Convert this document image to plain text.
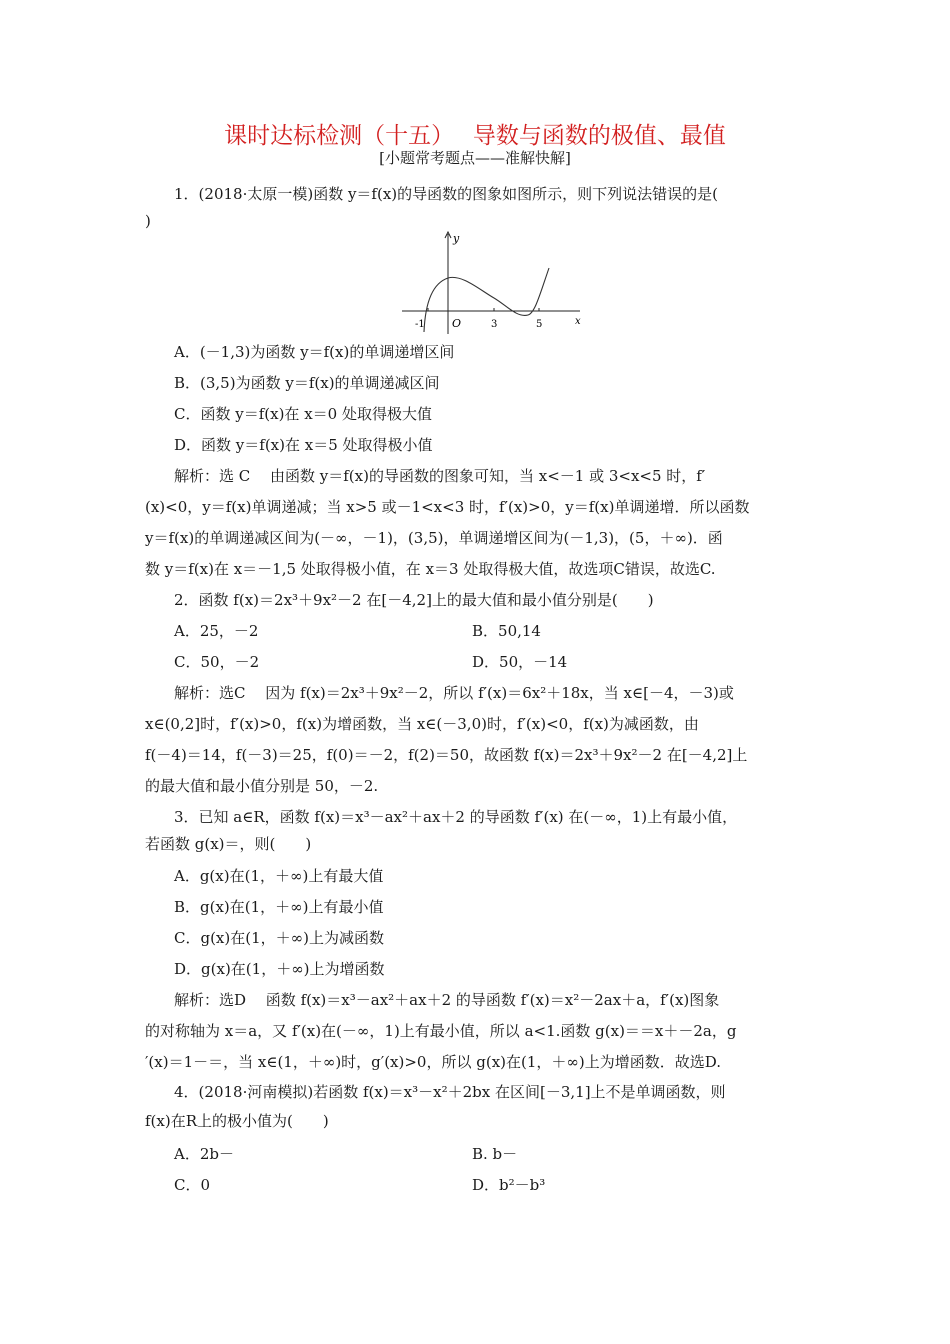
课时达标检测（十五）　 导数与函数的极值、最值
[小题常考题点——准解快解]
1．(2018·太原一模)函数 y＝f(x)的导函数的图象如图所示，则下列说法错误的是(
)
y
x
O
-1	3	5
A．(－1,3)为函数 y＝f(x)的单调递增区间
B．(3,5)为函数 y＝f(x)的单调递减区间
C．函数 y＝f(x)在 x＝0 处取得极大值
D．函数 y＝f(x)在 x＝5 处取得极小值
解析：选 C　 由函数 y＝f(x)的导函数的图象可知，当 x<－1 或 3<x<5 时，f′
(x)<0，y＝f(x)单调递减；当 x>5 或－1<x<3 时，f′(x)>0，y＝f(x)单调递增．所以函数
y＝f(x)的单调递减区间为(－∞，－1)，(3,5)，单调递增区间为(－1,3)，(5，＋∞)．函
数 y＝f(x)在 x＝－1,5 处取得极小值，在 x＝3 处取得极大值，故选项C错误，故选C.
2．函数 f(x)＝2x³＋9x²－2 在[－4,2]上的最大值和最小值分别是(　　)
A．25，－2	B．50,14
C．50，－2	D．50，－14
解析：选C　 因为 f(x)＝2x³＋9x²－2，所以 f′(x)＝6x²＋18x，当 x∈[－4，－3)或
x∈(0,2]时，f′(x)>0，f(x)为增函数，当 x∈(－3,0)时，f′(x)<0，f(x)为减函数，由
f(－4)＝14，f(－3)＝25，f(0)＝－2，f(2)＝50，故函数 f(x)＝2x³＋9x²－2 在[－4,2]上
的最大值和最小值分别是 50，－2.
3．已知 a∈R，函数 f(x)＝x³－ax²＋ax＋2 的导函数 f′(x) 在(－∞，1)上有最小值，
若函数 g(x)＝，则(　　)
A．g(x)在(1，＋∞)上有最大值
B．g(x)在(1，＋∞)上有最小值
C．g(x)在(1，＋∞)上为减函数
D．g(x)在(1，＋∞)上为增函数
解析：选D　 函数 f(x)＝x³－ax²＋ax＋2 的导函数 f′(x)＝x²－2ax＋a，f′(x)图象
的对称轴为 x＝a，又 f′(x)在(－∞，1)上有最小值，所以 a<1.函数 g(x)＝＝x＋－2a，g
′(x)＝1－＝，当 x∈(1，＋∞)时，g′(x)>0，所以 g(x)在(1，＋∞)上为增函数．故选D.
4．(2018·河南模拟)若函数 f(x)＝x³－x²＋2bx 在区间[－3,1]上不是单调函数，则
f(x)在R上的极小值为(　　)
A．2b－	B. b－
C．0	D．b²－b³
